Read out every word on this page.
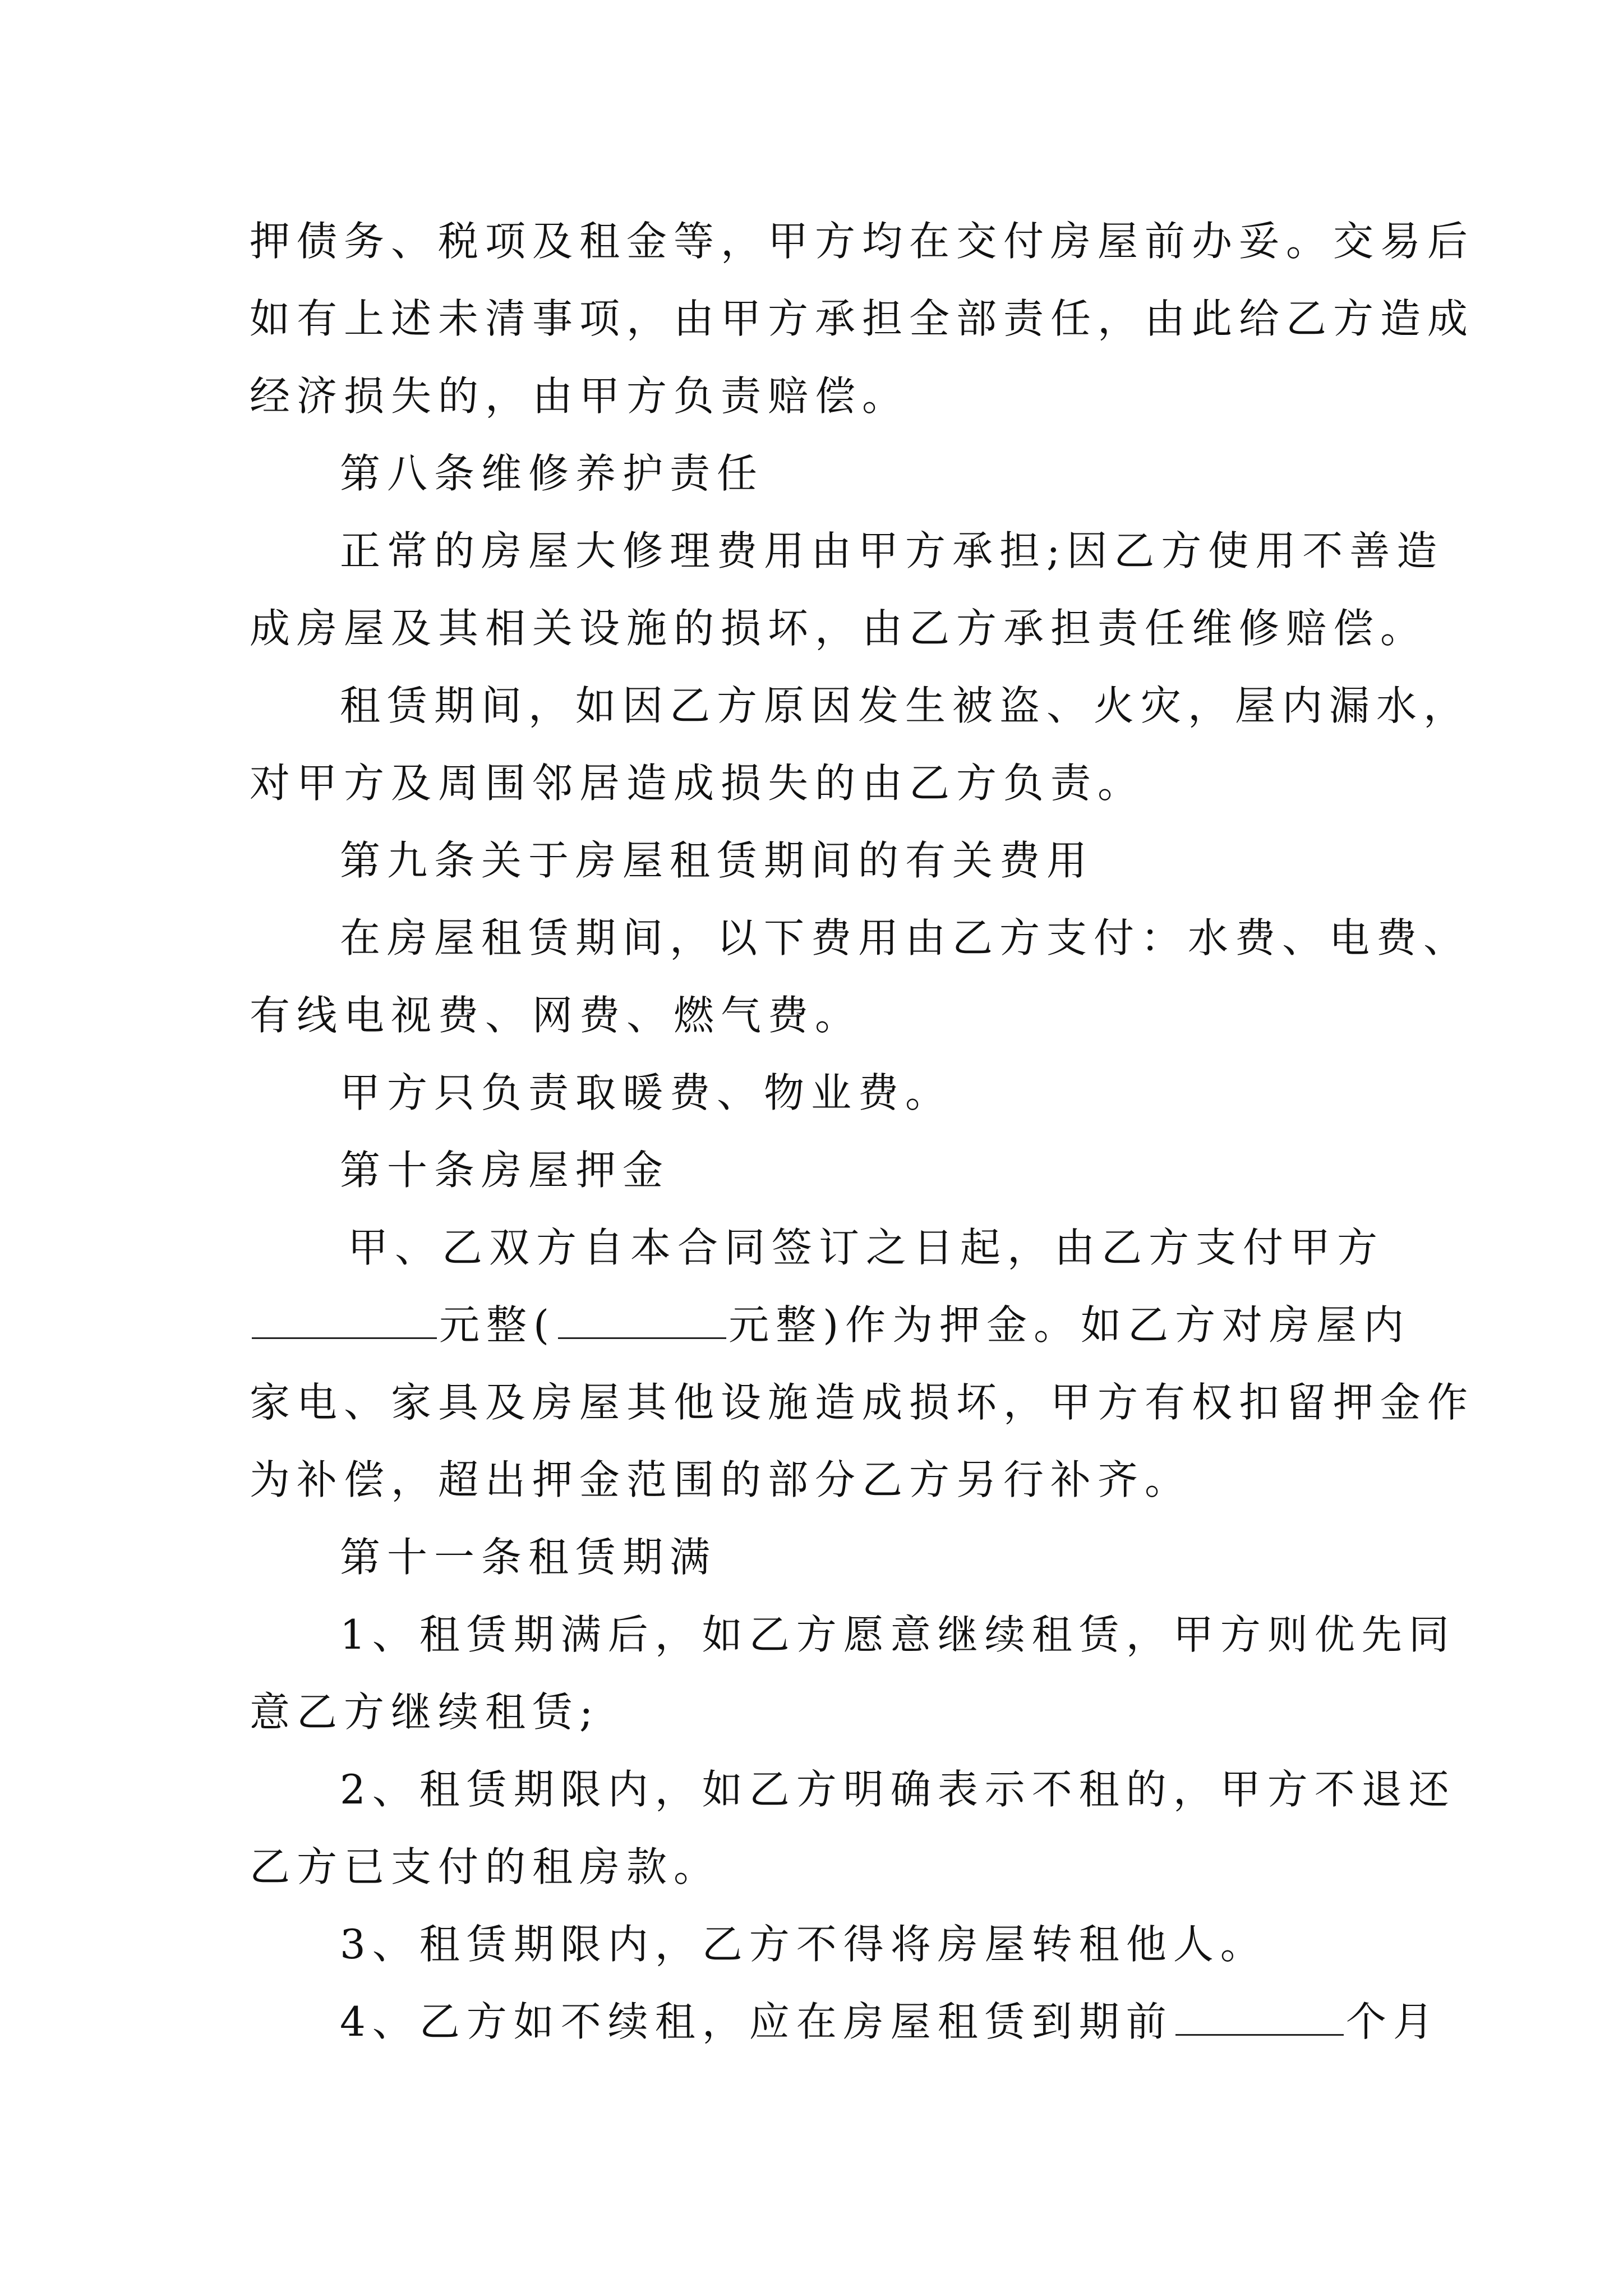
押债务、税项及租金等，甲方均在交付房屋前办妥。交易后
如有上述未清事项，由甲方承担全部责任，由此给乙方造成
经济损失的，由甲方负责赔偿。
第八条维修养护责任
正常的房屋大修理费用由甲方承担;因乙方使用不善造
成房屋及其相关设施的损坏，由乙方承担责任维修赔偿。
租赁期间，如因乙方原因发生被盗、火灾，屋内漏水，
对甲方及周围邻居造成损失的由乙方负责。
第九条关于房屋租赁期间的有关费用
在房屋租赁期间，以下费用由乙方支付：水费、电费、
有线电视费、网费、燃气费。
甲方只负责取暖费、物业费。
第十条房屋押金
甲、乙双方自本合同签订之日起，由乙方支付甲方
元整(	元整)作为押金。如乙方对房屋内
家电、家具及房屋其他设施造成损坏，甲方有权扣留押金作
为补偿，超出押金范围的部分乙方另行补齐。
第十一条租赁期满
1、租赁期满后，如乙方愿意继续租赁，甲方则优先同
意乙方继续租赁;
2、租赁期限内，如乙方明确表示不租的，甲方不退还
乙方已支付的租房款。
3、租赁期限内，乙方不得将房屋转租他人。
4、乙方如不续租，应在房屋租赁到期前	个月
